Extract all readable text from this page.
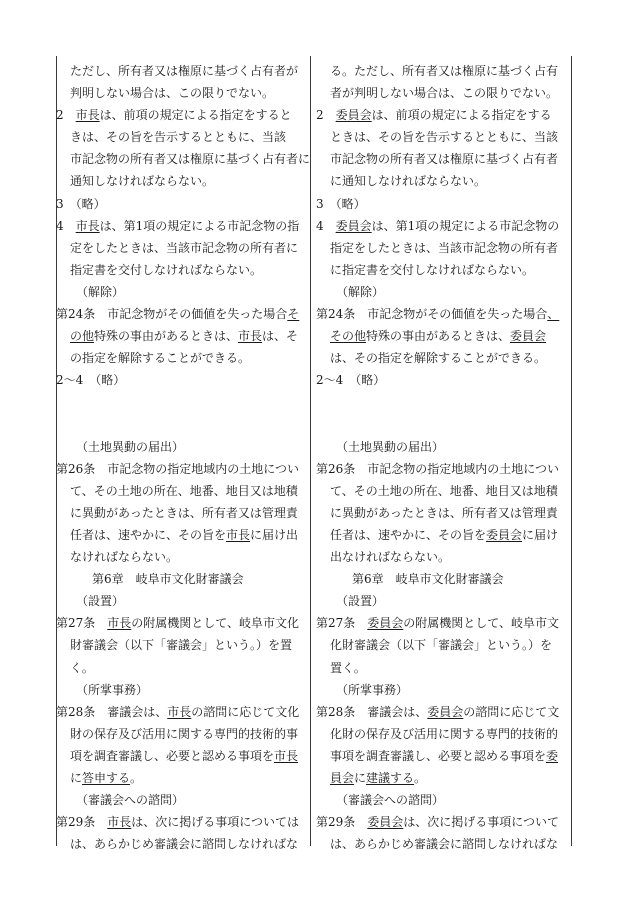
ただし、所有者又は権原に基づく占有者が
判明しない場合は、この限りでない。
2　市長は、前項の規定による指定をすると
きは、その旨を告示するとともに、当該
市記念物の所有者又は権原に基づく占有者に
通知しなければならない。
3　（略）
4　市長は、第1項の規定による市記念物の指
定をしたときは、当該市記念物の所有者に
指定書を交付しなければならない。
（解除）
第24条　市記念物がその価値を失った場合そ
の他特殊の事由があるときは、市長は、そ
の指定を解除することができる。
2〜4　（略）
（土地異動の届出）
第26条　市記念物の指定地域内の土地につい
て、その土地の所在、地番、地目又は地積
に異動があったときは、所有者又は管理責
任者は、速やかに、その旨を市長に届け出
なければならない。
第6章　岐阜市文化財審議会
（設置）
第27条　市長の附属機関として、岐阜市文化
財審議会（以下「審議会」という。）を置
く。
（所掌事務）
第28条　審議会は、市長の諮問に応じて文化
財の保存及び活用に関する専門的技術的事
項を調査審議し、必要と認める事項を市長
に答申する。
（審議会への諮問）
第29条　市長は、次に掲げる事項については
は、あらかじめ審議会に諮問しなければな
る。ただし、所有者又は権原に基づく占有
者が判明しない場合は、この限りでない。
2　委員会は、前項の規定による指定をする
ときは、その旨を告示するとともに、当該
市記念物の所有者又は権原に基づく占有者
に通知しなければならない。
3　（略）
4　委員会は、第1項の規定による市記念物の
指定をしたときは、当該市記念物の所有者
に指定書を交付しなければならない。
（解除）
第24条　市記念物がその価値を失った場合、
その他特殊の事由があるときは、委員会
は、その指定を解除することができる。
2〜4　（略）
（土地異動の届出）
第26条　市記念物の指定地域内の土地につい
て、その土地の所在、地番、地目又は地積
に異動があったときは、所有者又は管理責
任者は、速やかに、その旨を委員会に届け
出なければならない。
第6章　岐阜市文化財審議会
（設置）
第27条　委員会の附属機関として、岐阜市文
化財審議会（以下「審議会」という。）を
置く。
（所掌事務）
第28条　審議会は、委員会の諮問に応じて文
化財の保存及び活用に関する専門的技術的
事項を調査審議し、必要と認める事項を委
員会に建議する。
（審議会への諮問）
第29条　委員会は、次に掲げる事項について
は、あらかじめ審議会に諮問しなければな
